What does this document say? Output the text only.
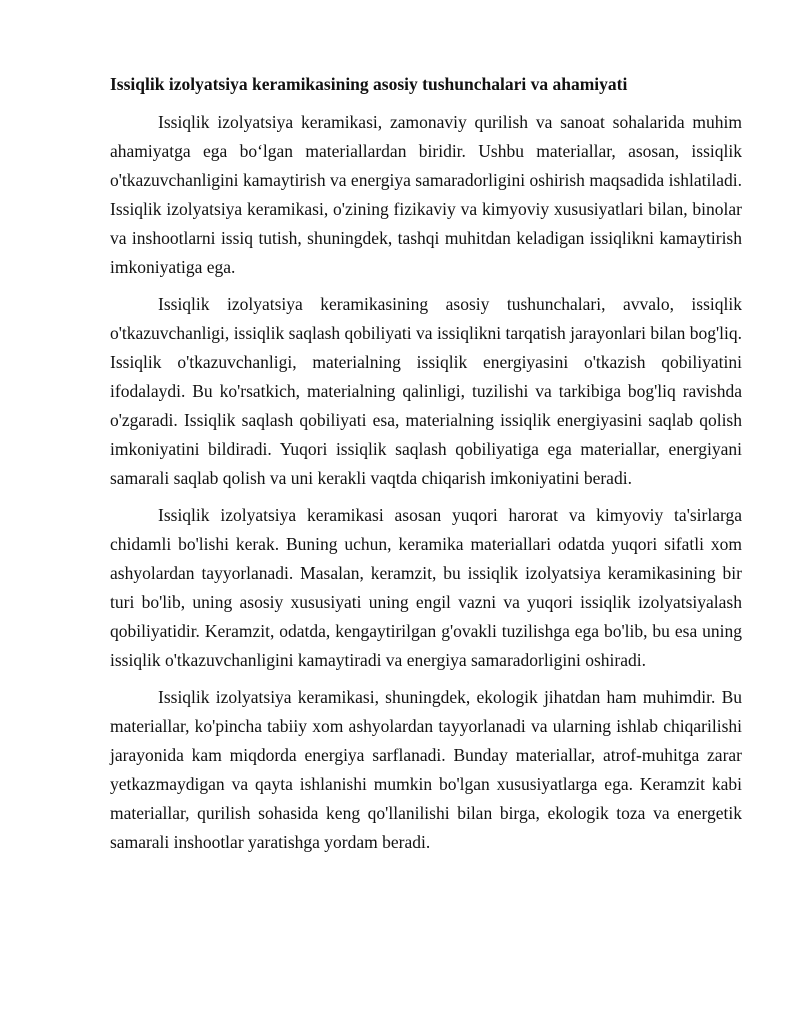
Issiqlik izolyatsiya keramikasining asosiy tushunchalari va ahamiyati

Issiqlik izolyatsiya keramikasi, zamonaviy qurilish va sanoat sohalarida muhim ahamiyatga ega bo‘lgan materiallardan biridir. Ushbu materiallar, asosan, issiqlik o'tkazuvchanligini kamaytirish va energiya samaradorligini oshirish maqsadida ishlatiladi. Issiqlik izolyatsiya keramikasi, o'zining fizikaviy va kimyoviy xususiyatlari bilan, binolar va inshootlarni issiq tutish, shuningdek, tashqi muhitdan keladigan issiqlikni kamaytirish imkoniyatiga ega.

Issiqlik izolyatsiya keramikasining asosiy tushunchalari, avvalo, issiqlik o'tkazuvchanligi, issiqlik saqlash qobiliyati va issiqlikni tarqatish jarayonlari bilan bog'liq. Issiqlik o'tkazuvchanligi, materialning issiqlik energiyasini o'tkazish qobiliyatini ifodalaydi. Bu ko'rsatkich, materialning qalinligi, tuzilishi va tarkibiga bog'liq ravishda o'zgaradi. Issiqlik saqlash qobiliyati esa, materialning issiqlik energiyasini saqlab qolish imkoniyatini bildiradi. Yuqori issiqlik saqlash qobiliyatiga ega materiallar, energiyani samarali saqlab qolish va uni kerakli vaqtda chiqarish imkoniyatini beradi.

Issiqlik izolyatsiya keramikasi asosan yuqori harorat va kimyoviy ta'sirlarga chidamli bo'lishi kerak. Buning uchun, keramika materiallari odatda yuqori sifatli xom ashyolardan tayyorlanadi. Masalan, keramzit, bu issiqlik izolyatsiya keramikasining bir turi bo'lib, uning asosiy xususiyati uning engil vazni va yuqori issiqlik izolyatsiyalash qobiliyatidir. Keramzit, odatda, kengaytirilgan g'ovakli tuzilishga ega bo'lib, bu esa uning issiqlik o'tkazuvchanligini kamaytiradi va energiya samaradorligini oshiradi.

Issiqlik izolyatsiya keramikasi, shuningdek, ekologik jihatdan ham muhimdir. Bu materiallar, ko'pincha tabiiy xom ashyolardan tayyorlanadi va ularning ishlab chiqarilishi jarayonida kam miqdorda energiya sarflanadi. Bunday materiallar, atrof-muhitga zarar yetkazmaydigan va qayta ishlanishi mumkin bo'lgan xususiyatlarga ega. Keramzit kabi materiallar, qurilish sohasida keng qo'llanilishi bilan birga, ekologik toza va energetik samarali inshootlar yaratishga yordam beradi.
